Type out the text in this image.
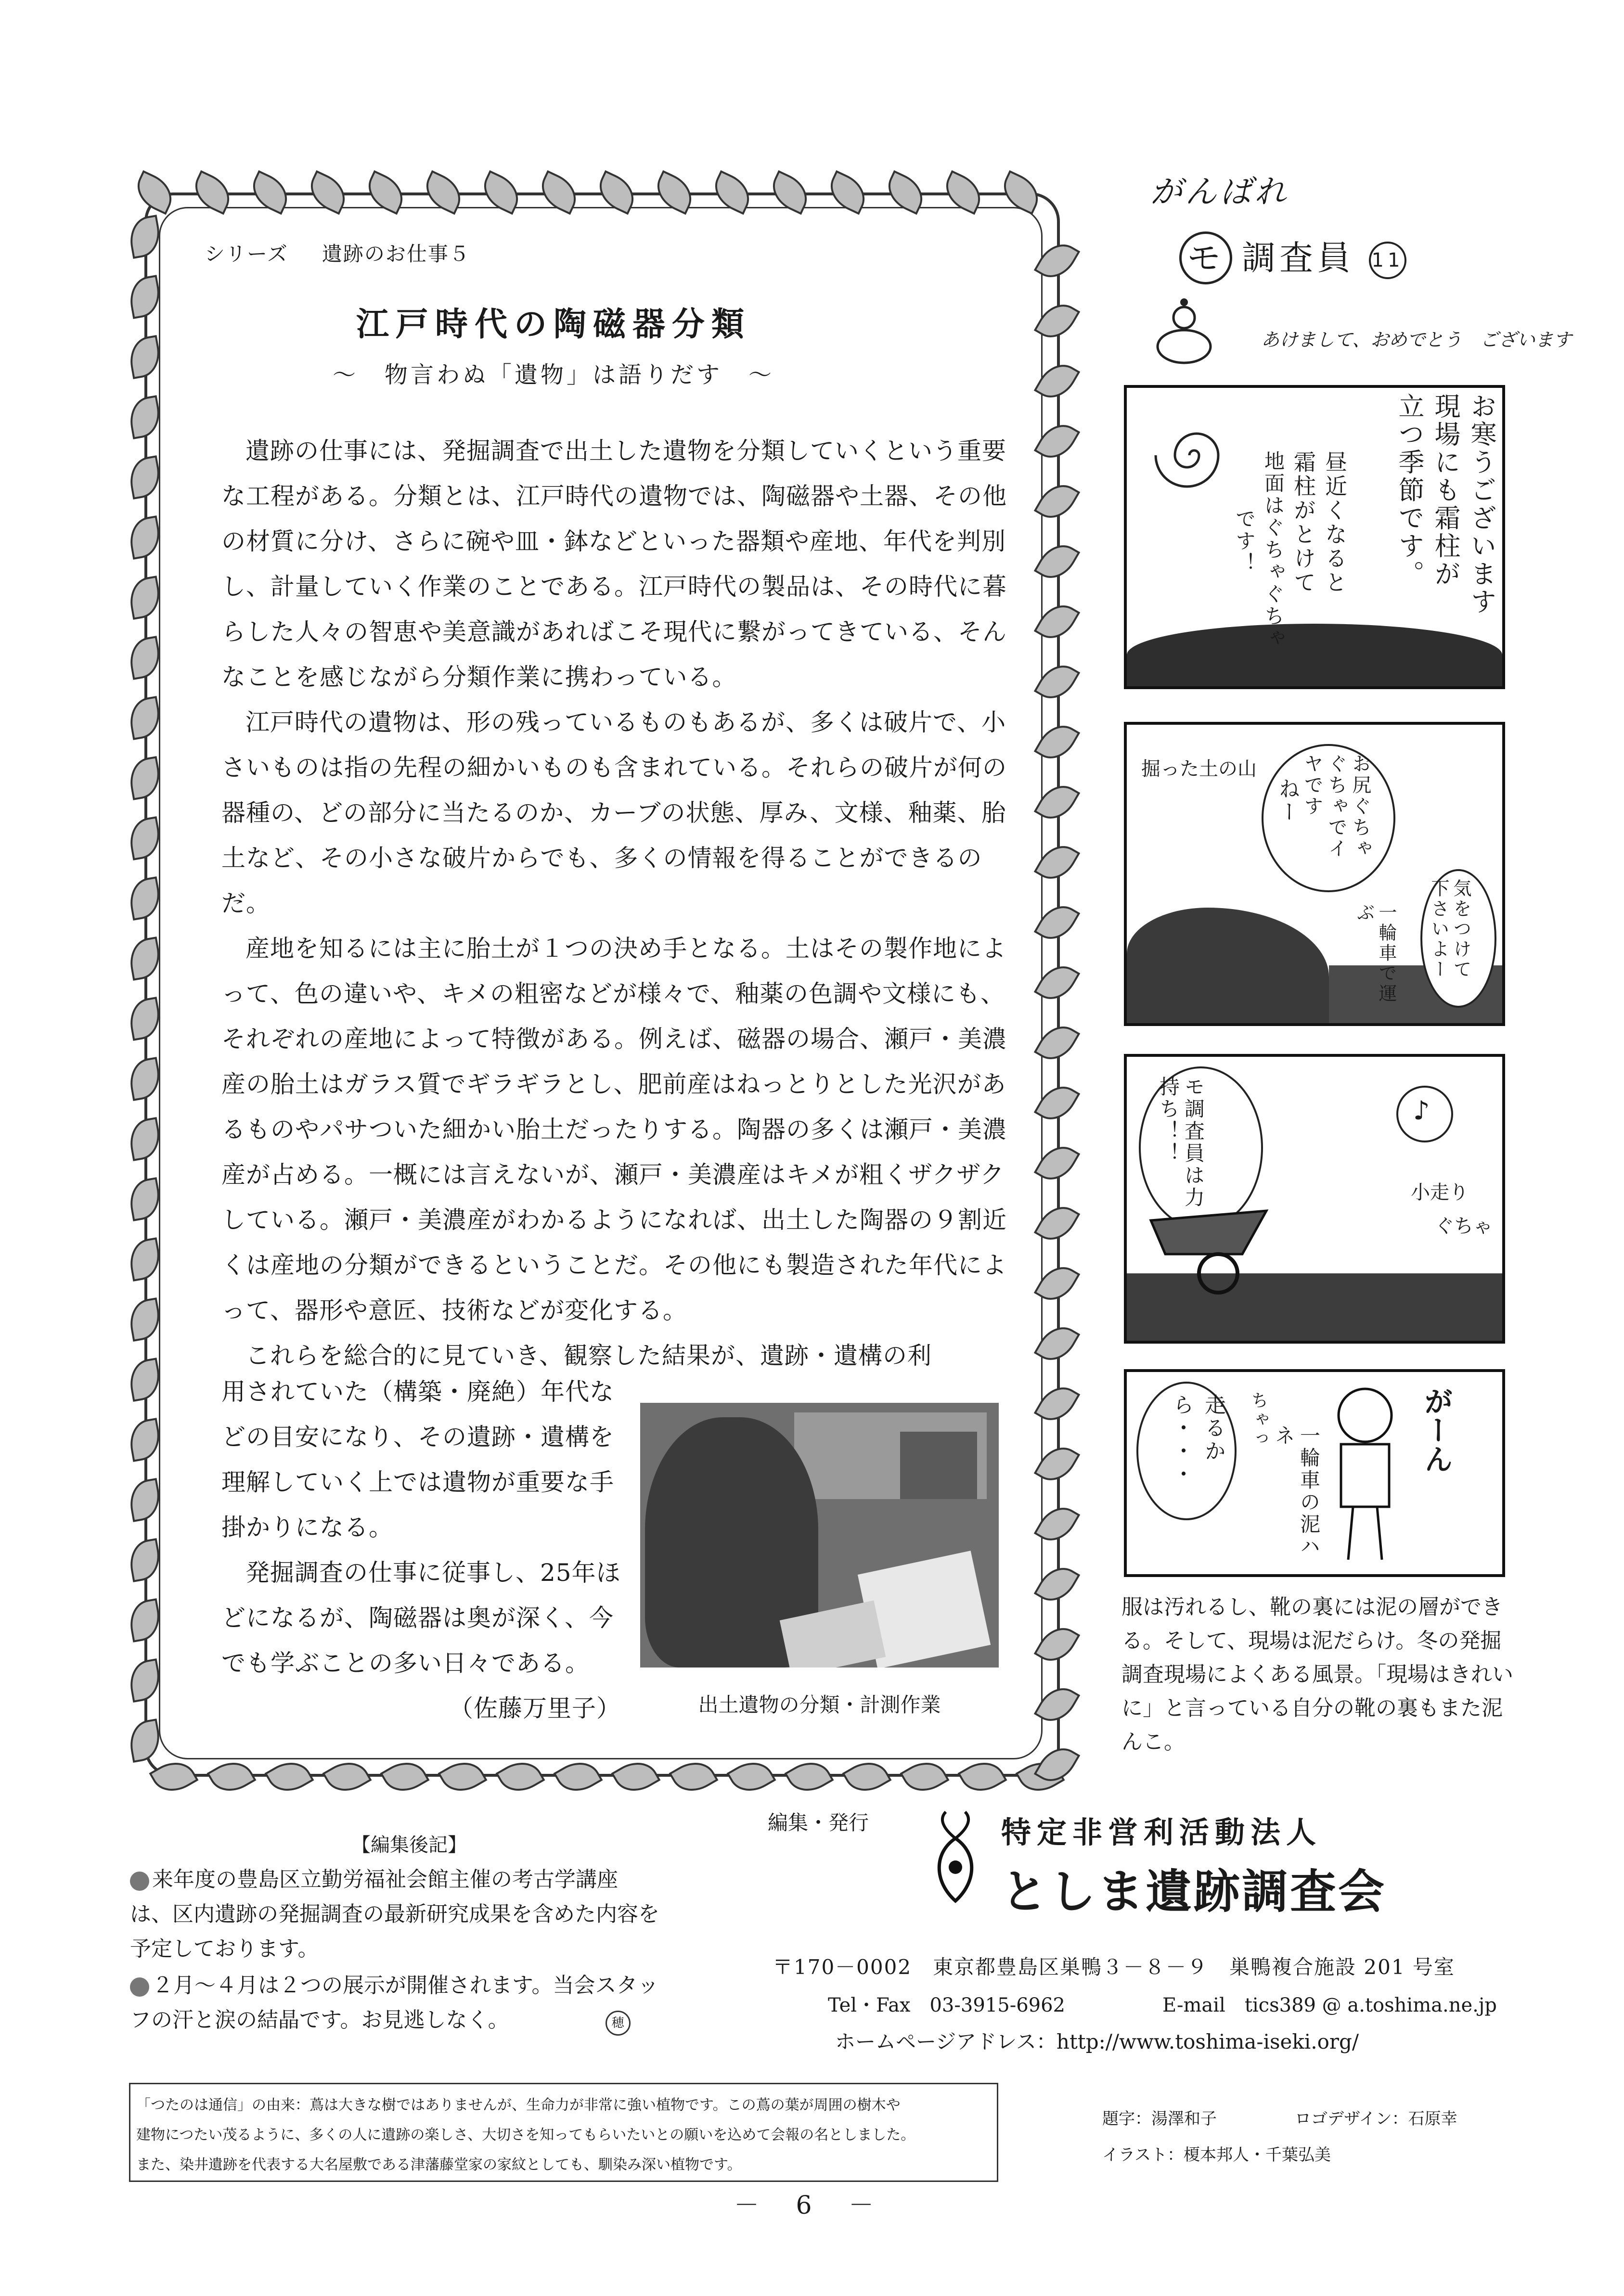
シリーズ 遺跡のお仕事５
江戸時代の陶磁器分類
～　物言わぬ「遺物」は語りだす　～

遺跡の仕事には、発掘調査で出土した遺物を分類していくという重要な工程がある。分類とは、江戸時代の遺物では、陶磁器や土器、その他の材質に分け、さらに碗や皿・鉢などといった器類や産地、年代を判別し、計量していく作業のことである。江戸時代の製品は、その時代に暮らした人々の智恵や美意識があればこそ現代に繋がってきている、そんなことを感じながら分類作業に携わっている。

江戸時代の遺物は、形の残っているものもあるが、多くは破片で、小さいものは指の先程の細かいものも含まれている。それらの破片が何の器種の、どの部分に当たるのか、カーブの状態、厚み、文様、釉薬、胎土など、その小さな破片からでも、多くの情報を得ることができるのだ。

産地を知るには主に胎土が１つの決め手となる。土はその製作地によって、色の違いや、キメの粗密などが様々で、釉薬の色調や文様にも、それぞれの産地によって特徴がある。例えば、磁器の場合、瀬戸・美濃産の胎土はガラス質でギラギラとし、肥前産はねっとりとした光沢があるものやパサついた細かい胎土だったりする。陶器の多くは瀬戸・美濃産が占める。一概には言えないが、瀬戸・美濃産はキメが粗くザクザクしている。瀬戸・美濃産がわかるようになれば、出土した陶器の９割近くは産地の分類ができるということだ。その他にも製造された年代によって、器形や意匠、技術などが変化する。

これらを総合的に見ていき、観察した結果が、遺跡・遺構の利

用されていた（構築・廃絶）年代などの目安になり、その遺跡・遺構を理解していく上では遺物が重要な手掛かりになる。

発掘調査の仕事に従事し、25年ほどになるが、陶磁器は奥が深く、今でも学ぶことの多い日々である。
（佐藤万里子）	出土遺物の分類・計測作業
がんばれ
モ 調査員 11
あけまして、おめでとう　ございます
お寒うございます
現場にも霜柱が
立つ季節です。
昼近くなると
霜柱がとけて
地面はぐちゃぐちゃ
です！
掘った土の山	お尻ぐちゃぐちゃでイヤです
ねー
気をつけて下さいよー
一輪車で運ぶ
モ調査員は力持ち！！	♪
小走り
ぐちゃ
走るから・・・	ちゃっ
一輪車の泥ハネ	がーん
服は汚れるし、靴の裏には泥の層ができる。そして、現場は泥だらけ。冬の発掘調査現場によくある風景。「現場はきれいに」と言っている自分の靴の裏もまた泥んこ。
【編集後記】
来年度の豊島区立勤労福祉会館主催の考古学講座は、区内遺跡の発掘調査の最新研究成果を含めた内容を予定しております。
２月～４月は２つの展示が開催されます。当会スタッフの汗と涙の結晶です。お見逃しなく。	穂
編集・発行	特定非営利活動法人
としま遺跡調査会
〒170－0002　東京都豊島区巣鴨３－８－９　巣鴨複合施設 201 号室
Tel・Fax　03-3915-6962	E-mail　tics389 @ a.toshima.ne.jp
ホームページアドレス：http://www.toshima-iseki.org/
「つたのは通信」の由来：蔦は大きな樹ではありませんが、生命力が非常に強い植物です。この蔦の葉が周囲の樹木や
建物につたい茂るように、多くの人に遺跡の楽しさ、大切さを知ってもらいたいとの願いを込めて会報の名としました。
また、染井遺跡を代表する大名屋敷である津藩藤堂家の家紋としても、馴染み深い植物です。
題字：湯澤和子	ロゴデザイン：石原幸
イラスト：榎本邦人・千葉弘美
－ 6 －
